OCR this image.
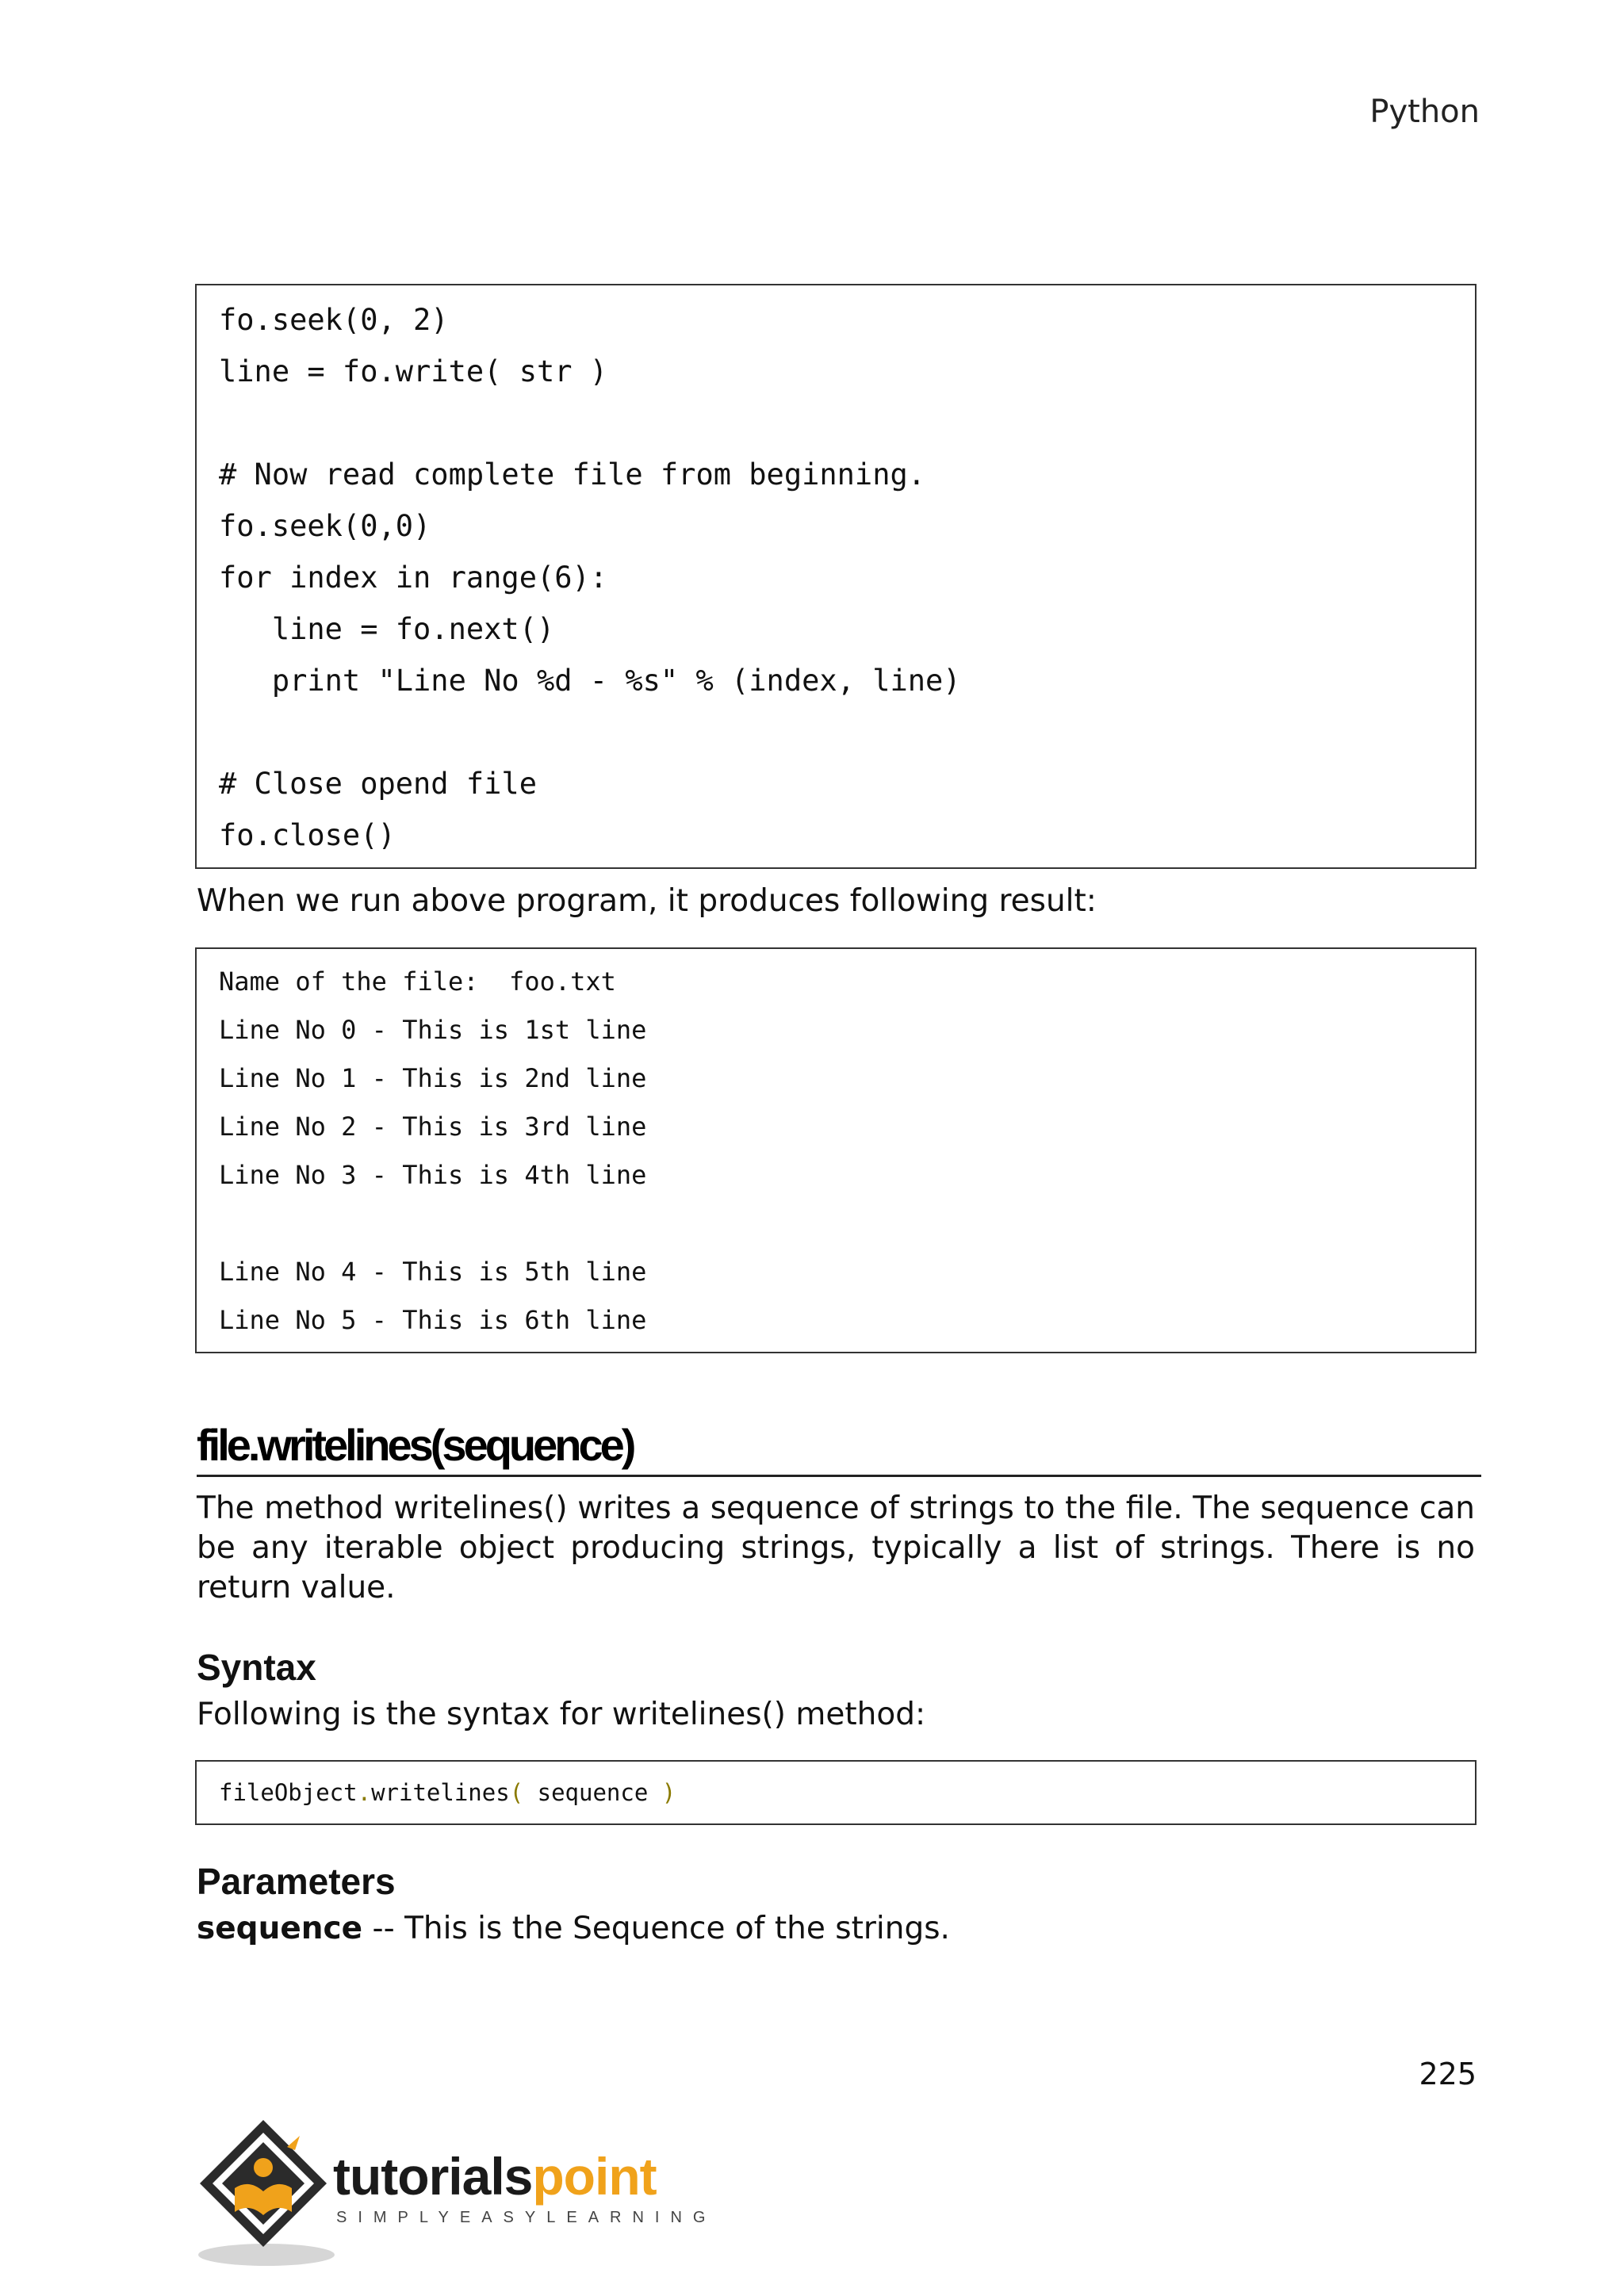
Python
fo.seek(0, 2)
line = fo.write( str )
# Now read complete file from beginning.
fo.seek(0,0)
for index in range(6):
line = fo.next()
print "Line No %d - %s" % (index, line)
# Close opend file
fo.close()
When we run above program, it produces following result:
Name of the file:  foo.txt
Line No 0 - This is 1st line
Line No 1 - This is 2nd line
Line No 2 - This is 3rd line
Line No 3 - This is 4th line
Line No 4 - This is 5th line
Line No 5 - This is 6th line
file.writelines(sequence)
The method writelines() writes a sequence of strings to the file. The sequence can be any iterable object producing strings, typically a list of strings. There is no return value.
Syntax
Following is the syntax for writelines() method:
fileObject.writelines( sequence )
Parameters
sequence -- This is the Sequence of the strings.
225
tutorialspoint
SIMPLYEASYLEARNING
